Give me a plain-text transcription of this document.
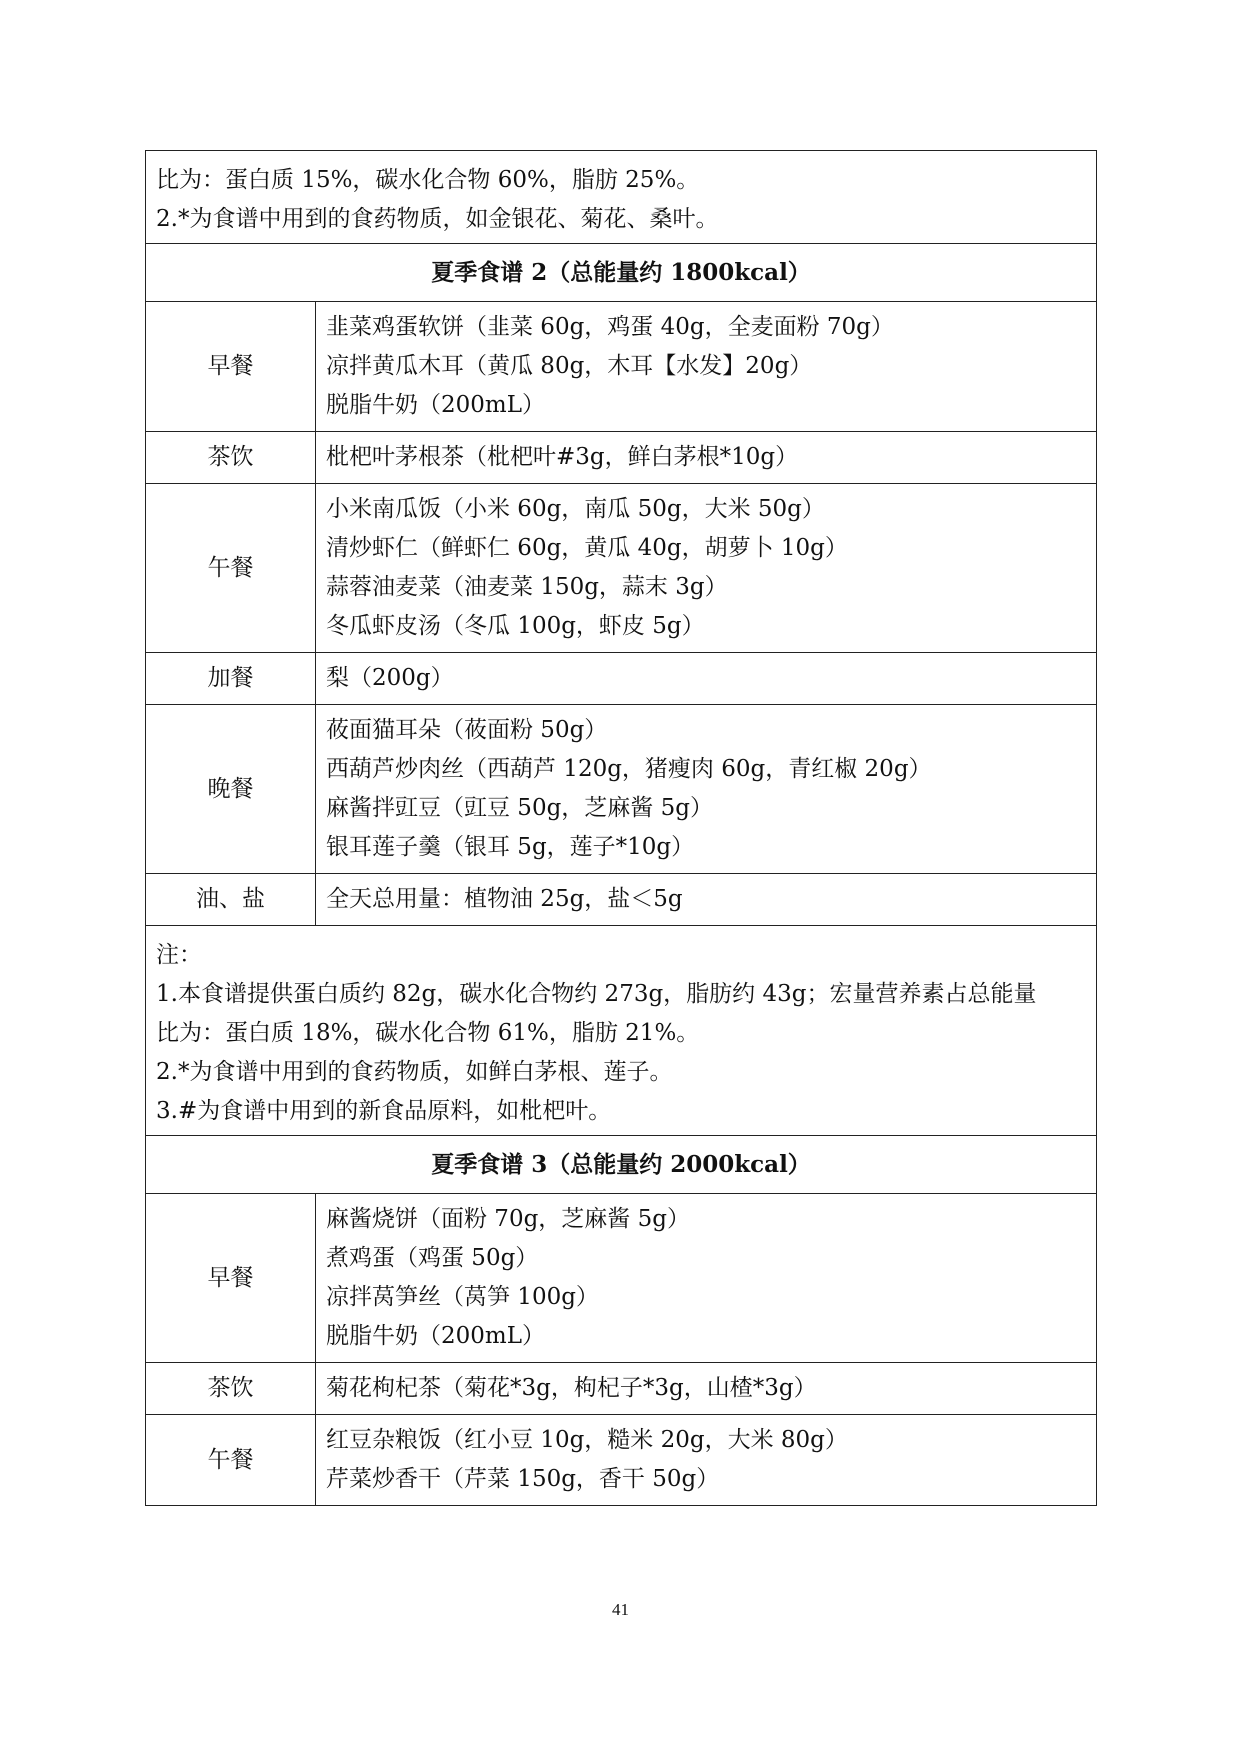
比为：蛋白质 15%，碳水化合物 60%，脂肪 25%。
2.*为食谱中用到的食药物质，如金银花、菊花、桑叶。	

夏季食谱 2（总能量约 1800kcal）	
早餐	韭菜鸡蛋软饼（韭菜 60g，鸡蛋 40g，全麦面粉 70g）
凉拌黄瓜木耳（黄瓜 80g，木耳【水发】20g）
脱脂牛奶（200mL）

茶饮	枇杷叶茅根茶（枇杷叶#3g，鲜白茅根*10g）

午餐	小米南瓜饭（小米 60g，南瓜 50g，大米 50g）
清炒虾仁（鲜虾仁 60g，黄瓜 40g，胡萝卜 10g）
蒜蓉油麦菜（油麦菜 150g，蒜末 3g）
冬瓜虾皮汤（冬瓜 100g，虾皮 5g）

加餐	梨（200g）

晚餐	莜面猫耳朵（莜面粉 50g）
西葫芦炒肉丝（西葫芦 120g，猪瘦肉 60g，青红椒 20g）
麻酱拌豇豆（豇豆 50g，芝麻酱 5g）
银耳莲子羹（银耳 5g，莲子*10g）

油、盐	全天总用量：植物油 25g，盐＜5g

注：
1.本食谱提供蛋白质约 82g，碳水化合物约 273g，脂肪约 43g；宏量营养素占总能量
比为：蛋白质 18%，碳水化合物 61%，脂肪 21%。
2.*为食谱中用到的食药物质，如鲜白茅根、莲子。
3.#为食谱中用到的新食品原料，如枇杷叶。	

夏季食谱 3（总能量约 2000kcal）	
早餐	麻酱烧饼（面粉 70g，芝麻酱 5g）
煮鸡蛋（鸡蛋 50g）
凉拌莴笋丝（莴笋 100g）
脱脂牛奶（200mL）

茶饮	菊花枸杞茶（菊花*3g，枸杞子*3g，山楂*3g）

午餐	红豆杂粮饭（红小豆 10g，糙米 20g，大米 80g）
芹菜炒香干（芹菜 150g，香干 50g）
41
